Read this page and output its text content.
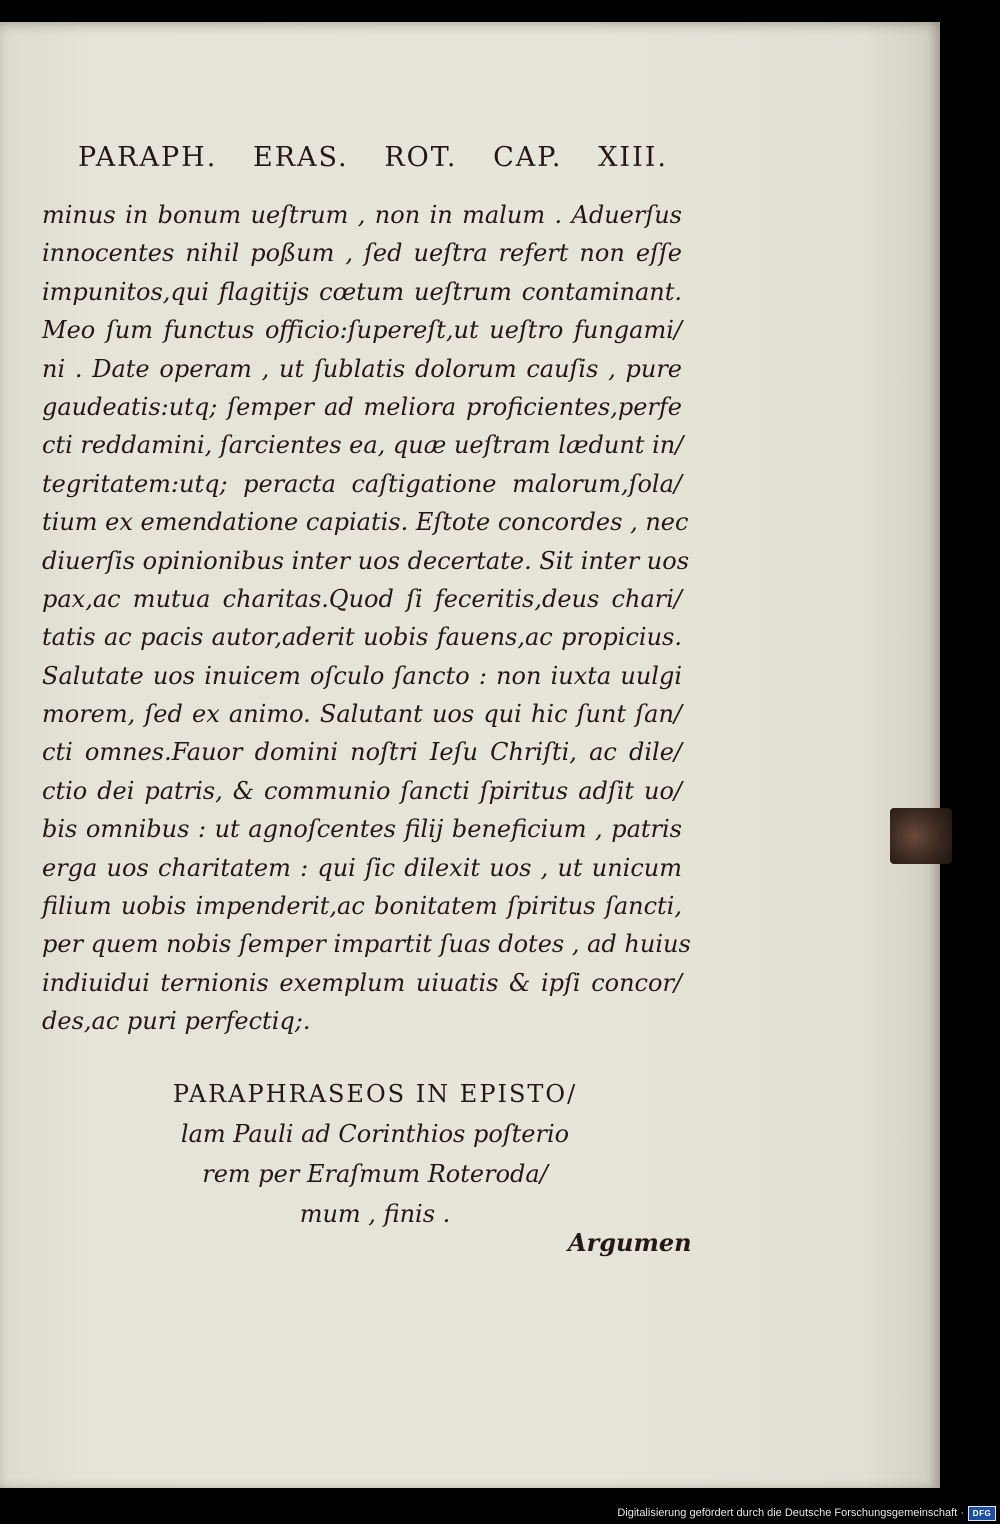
PARAPH. ERAS. ROT. CAP. XIII.
minus in bonum ueſtrum , non in malum . Aduerſus
innocentes nihil poßum , ſed ueſtra refert non eſſe
impunitos,qui flagitijs cœtum ueſtrum contaminant.
Meo ſum functus officio:ſupereſt,ut ueſtro fungami/
ni . Date operam , ut ſublatis dolorum cauſis , pure
gaudeatis:utq; ſemper ad meliora proficientes,perfe
cti reddamini, ſarcientes ea, quæ ueſtram lædunt in/
tegritatem:utq; peracta caſtigatione malorum,ſola/
tium ex emendatione capiatis. Eſtote concordes , nec
diuerſis opinionibus inter uos decertate. Sit inter uos
pax,ac mutua charitas.Quod ſi feceritis,deus chari/
tatis ac pacis autor,aderit uobis fauens,ac propicius.
Salutate uos inuicem oſculo ſancto : non iuxta uulgi
morem, ſed ex animo. Salutant uos qui hic ſunt ſan/
cti omnes.Fauor domini noſtri Ieſu Chriſti, ac dile/
ctio dei patris, & communio ſancti ſpiritus adſit uo/
bis omnibus : ut agnoſcentes filij beneficium , patris
erga uos charitatem : qui ſic dilexit uos , ut unicum
filium uobis impenderit,ac bonitatem ſpiritus ſancti,
per quem nobis ſemper impartit ſuas dotes , ad huius
indiuidui ternionis exemplum uiuatis & ipſi concor/
des,ac puri perfectiq;.
PARAPHRASEOS IN EPISTO/
lam Pauli ad Corinthios poſterio
rem per Eraſmum Roteroda/
mum , finis .
Argumen
Digitalisierung gefördert durch die Deutsche Forschungsgemeinschaft ·	DFG
